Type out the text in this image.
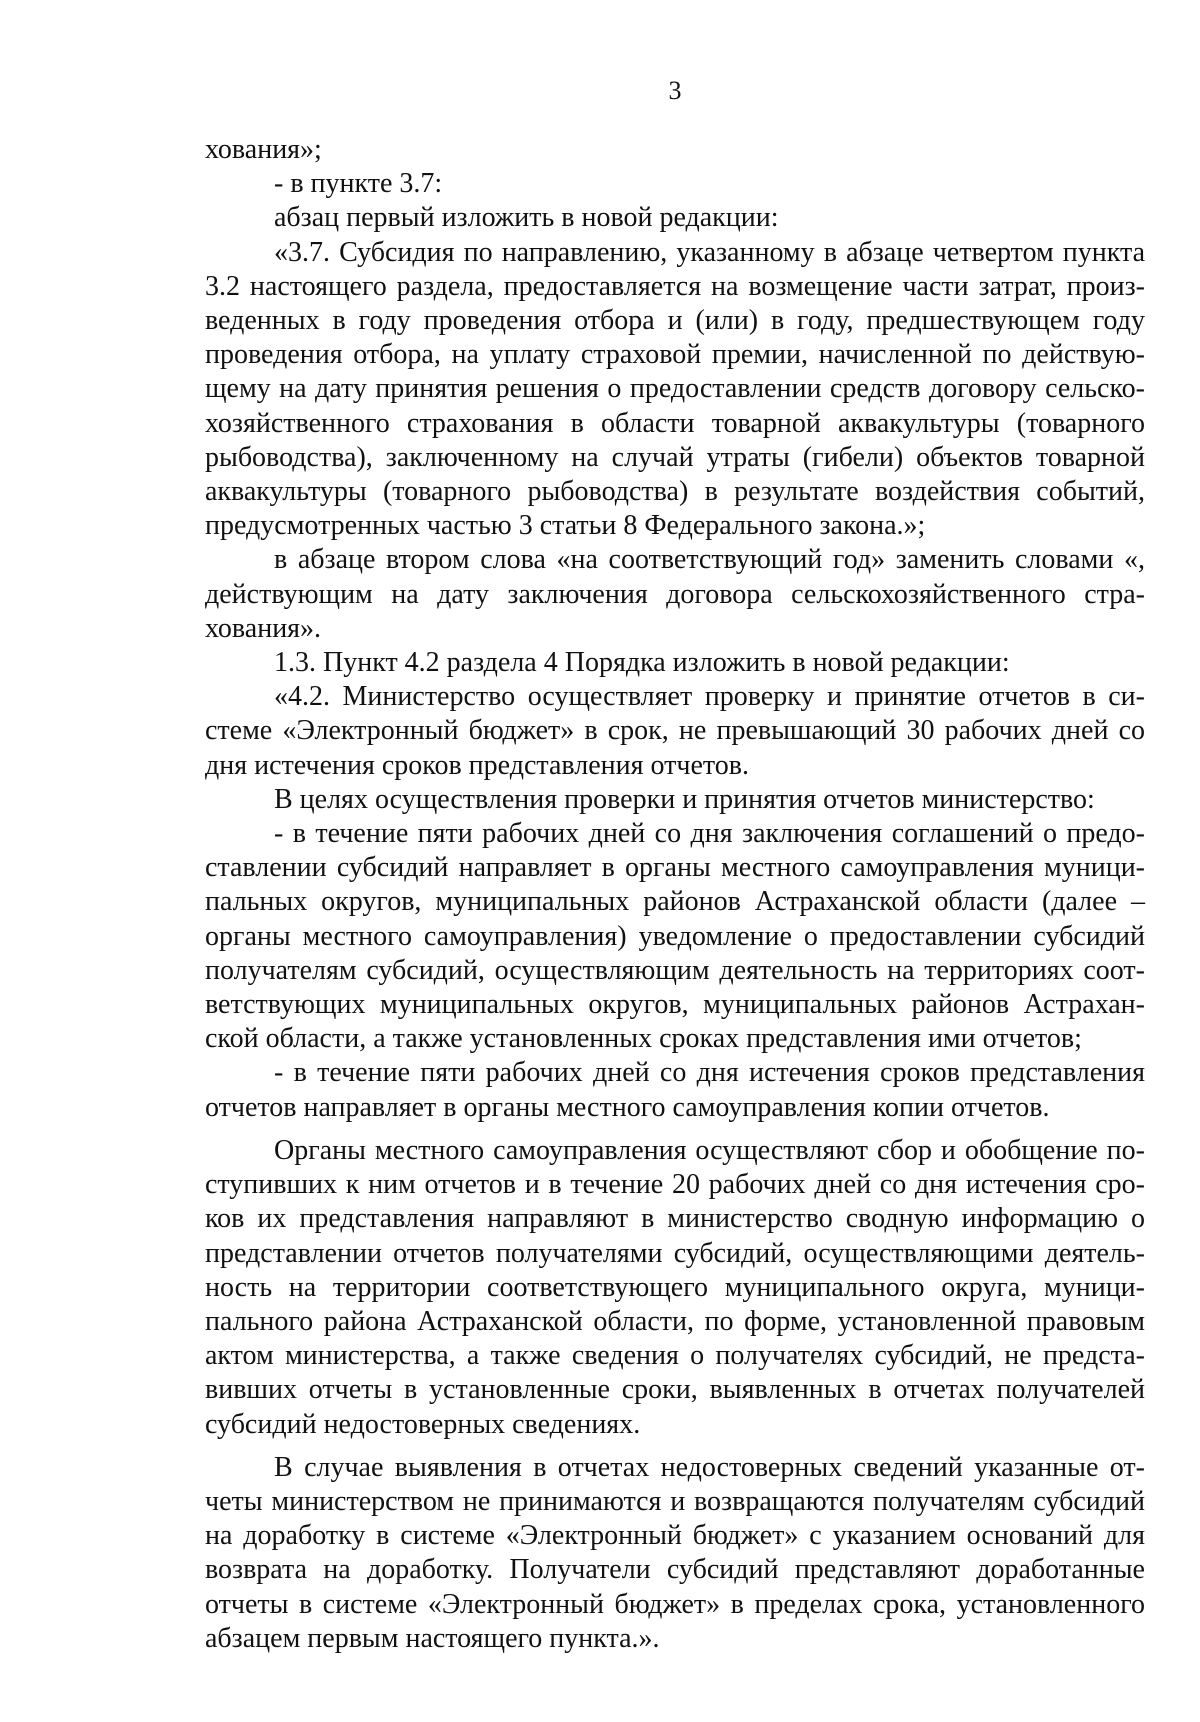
3

хования»;

- в пункте 3.7:

абзац первый изложить в новой редакции:

«3.7. Субсидия по направлению, указанному в абзаце четвертом пункта 3.2 настоящего раздела, предоставляется на возмещение части затрат, произведенных в году проведения отбора и (или) в году, предшествующем году проведения отбора, на уплату страховой премии, начисленной по действующему на дату принятия решения о предоставлении средств договору сельскохозяйственного страхования в области товарной аквакультуры (товарного рыбоводства), заключенному на случай утраты (гибели) объектов товарной аквакультуры (товарного рыбоводства) в результате воздействия событий, предусмотренных частью 3 статьи 8 Федерального закона.»;

в абзаце втором слова «на соответствующий год» заменить словами «, действующим на дату заключения договора сельскохозяйственного страхования».

1.3. Пункт 4.2 раздела 4 Порядка изложить в новой редакции:

«4.2. Министерство осуществляет проверку и принятие отчетов в системе «Электронный бюджет» в срок, не превышающий 30 рабочих дней со дня истечения сроков представления отчетов.

В целях осуществления проверки и принятия отчетов министерство:

- в течение пяти рабочих дней со дня заключения соглашений о предоставлении субсидий направляет в органы местного самоуправления муниципальных округов, муниципальных районов Астраханской области (далее – органы местного самоуправления) уведомление о предоставлении субсидий получателям субсидий, осуществляющим деятельность на территориях соответствующих муниципальных округов, муниципальных районов Астраханской области, а также установленных сроках представления ими отчетов;

- в течение пяти рабочих дней со дня истечения сроков представления отчетов направляет в органы местного самоуправления копии отчетов.

Органы местного самоуправления осуществляют сбор и обобщение поступивших к ним отчетов и в течение 20 рабочих дней со дня истечения сроков их представления направляют в министерство сводную информацию о представлении отчетов получателями субсидий, осуществляющими деятельность на территории соответствующего муниципального округа, муниципального района Астраханской области, по форме, установленной правовым актом министерства, а также сведения о получателях субсидий, не представивших отчеты в установленные сроки, выявленных в отчетах получателей субсидий недостоверных сведениях.

В случае выявления в отчетах недостоверных сведений указанные отчеты министерством не принимаются и возвращаются получателям субсидий на доработку в системе «Электронный бюджет» с указанием оснований для возврата на доработку. Получатели субсидий представляют доработанные отчеты в системе «Электронный бюджет» в пределах срока, установленного абзацем первым настоящего пункта.».
